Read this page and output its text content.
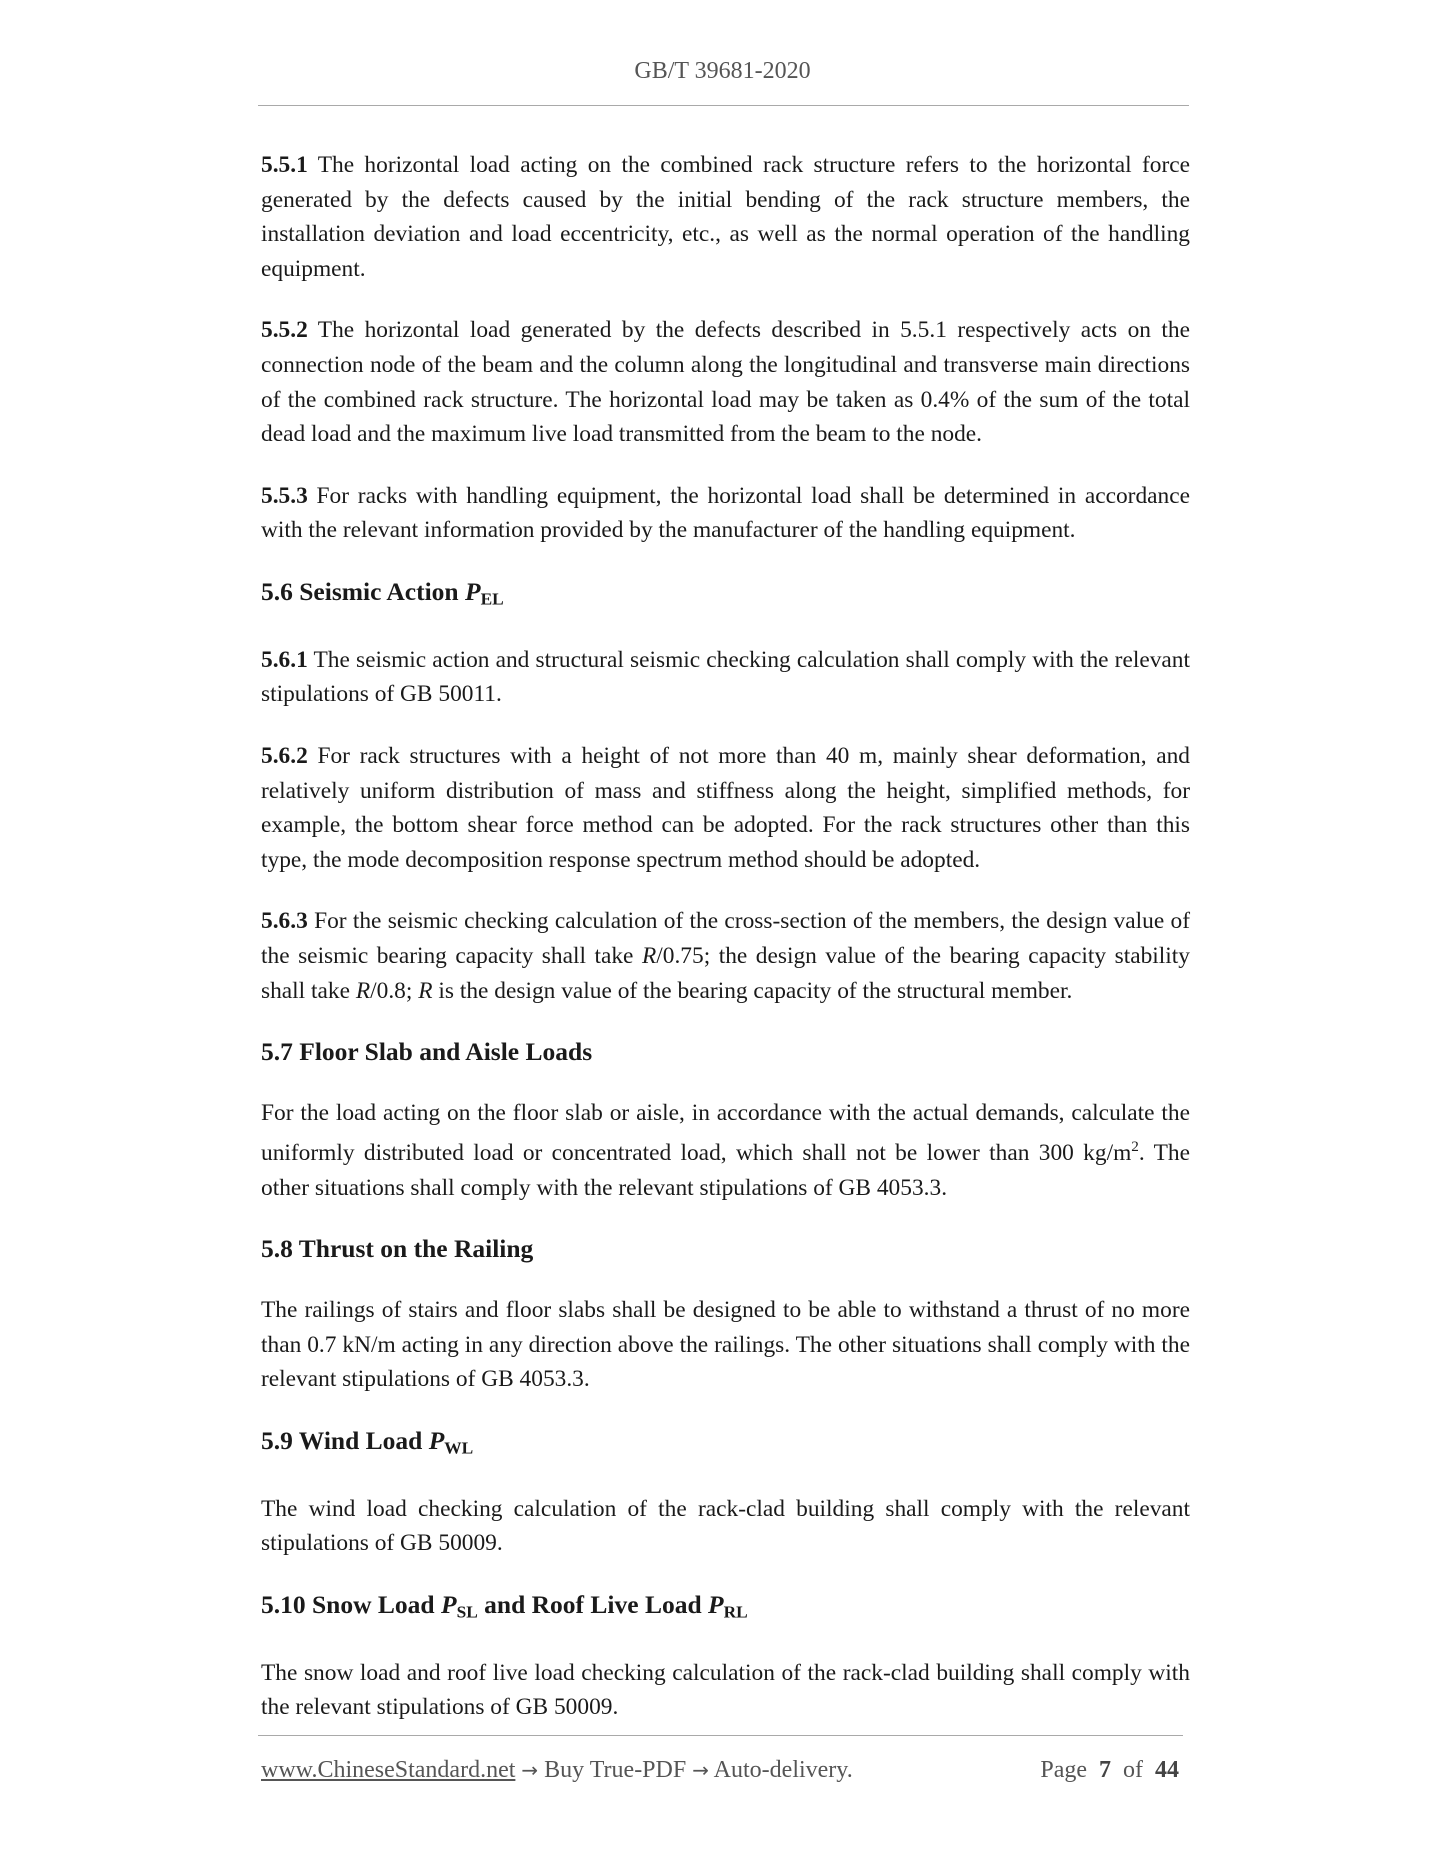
GB/T 39681-2020

5.5.1 The horizontal load acting on the combined rack structure refers to the horizontal force generated by the defects caused by the initial bending of the rack structure members, the installation deviation and load eccentricity, etc., as well as the normal operation of the handling equipment.

5.5.2 The horizontal load generated by the defects described in 5.5.1 respectively acts on the connection node of the beam and the column along the longitudinal and transverse main directions of the combined rack structure. The horizontal load may be taken as 0.4% of the sum of the total dead load and the maximum live load transmitted from the beam to the node.

5.5.3 For racks with handling equipment, the horizontal load shall be determined in accordance with the relevant information provided by the manufacturer of the handling equipment.

5.6 Seismic Action $P_{EL}$

5.6.1 The seismic action and structural seismic checking calculation shall comply with the relevant stipulations of GB 50011.

5.6.2 For rack structures with a height of not more than 40 m, mainly shear deformation, and relatively uniform distribution of mass and stiffness along the height, simplified methods, for example, the bottom shear force method can be adopted. For the rack structures other than this type, the mode decomposition response spectrum method should be adopted.

5.6.3 For the seismic checking calculation of the cross-section of the members, the design value of the seismic bearing capacity shall take R/0.75; the design value of the bearing capacity stability shall take R/0.8; R is the design value of the bearing capacity of the structural member.

5.7 Floor Slab and Aisle Loads

For the load acting on the floor slab or aisle, in accordance with the actual demands, calculate the uniformly distributed load or concentrated load, which shall not be lower than 300 $kg/m^2$. The other situations shall comply with the relevant stipulations of GB 4053.3.

5.8 Thrust on the Railing

The railings of stairs and floor slabs shall be designed to be able to withstand a thrust of no more than 0.7 kN/m acting in any direction above the railings. The other situations shall comply with the relevant stipulations of GB 4053.3.

5.9 Wind Load $P_{WL}$

The wind load checking calculation of the rack-clad building shall comply with the relevant stipulations of GB 50009.

5.10 Snow Load $P_{SL}$ and Roof Live Load $P_{RL}$

The snow load and roof live load checking calculation of the rack-clad building shall comply with the relevant stipulations of GB 50009.

www.ChineseStandard.net → Buy True-PDF → Auto-delivery.	Page 7 of 44
